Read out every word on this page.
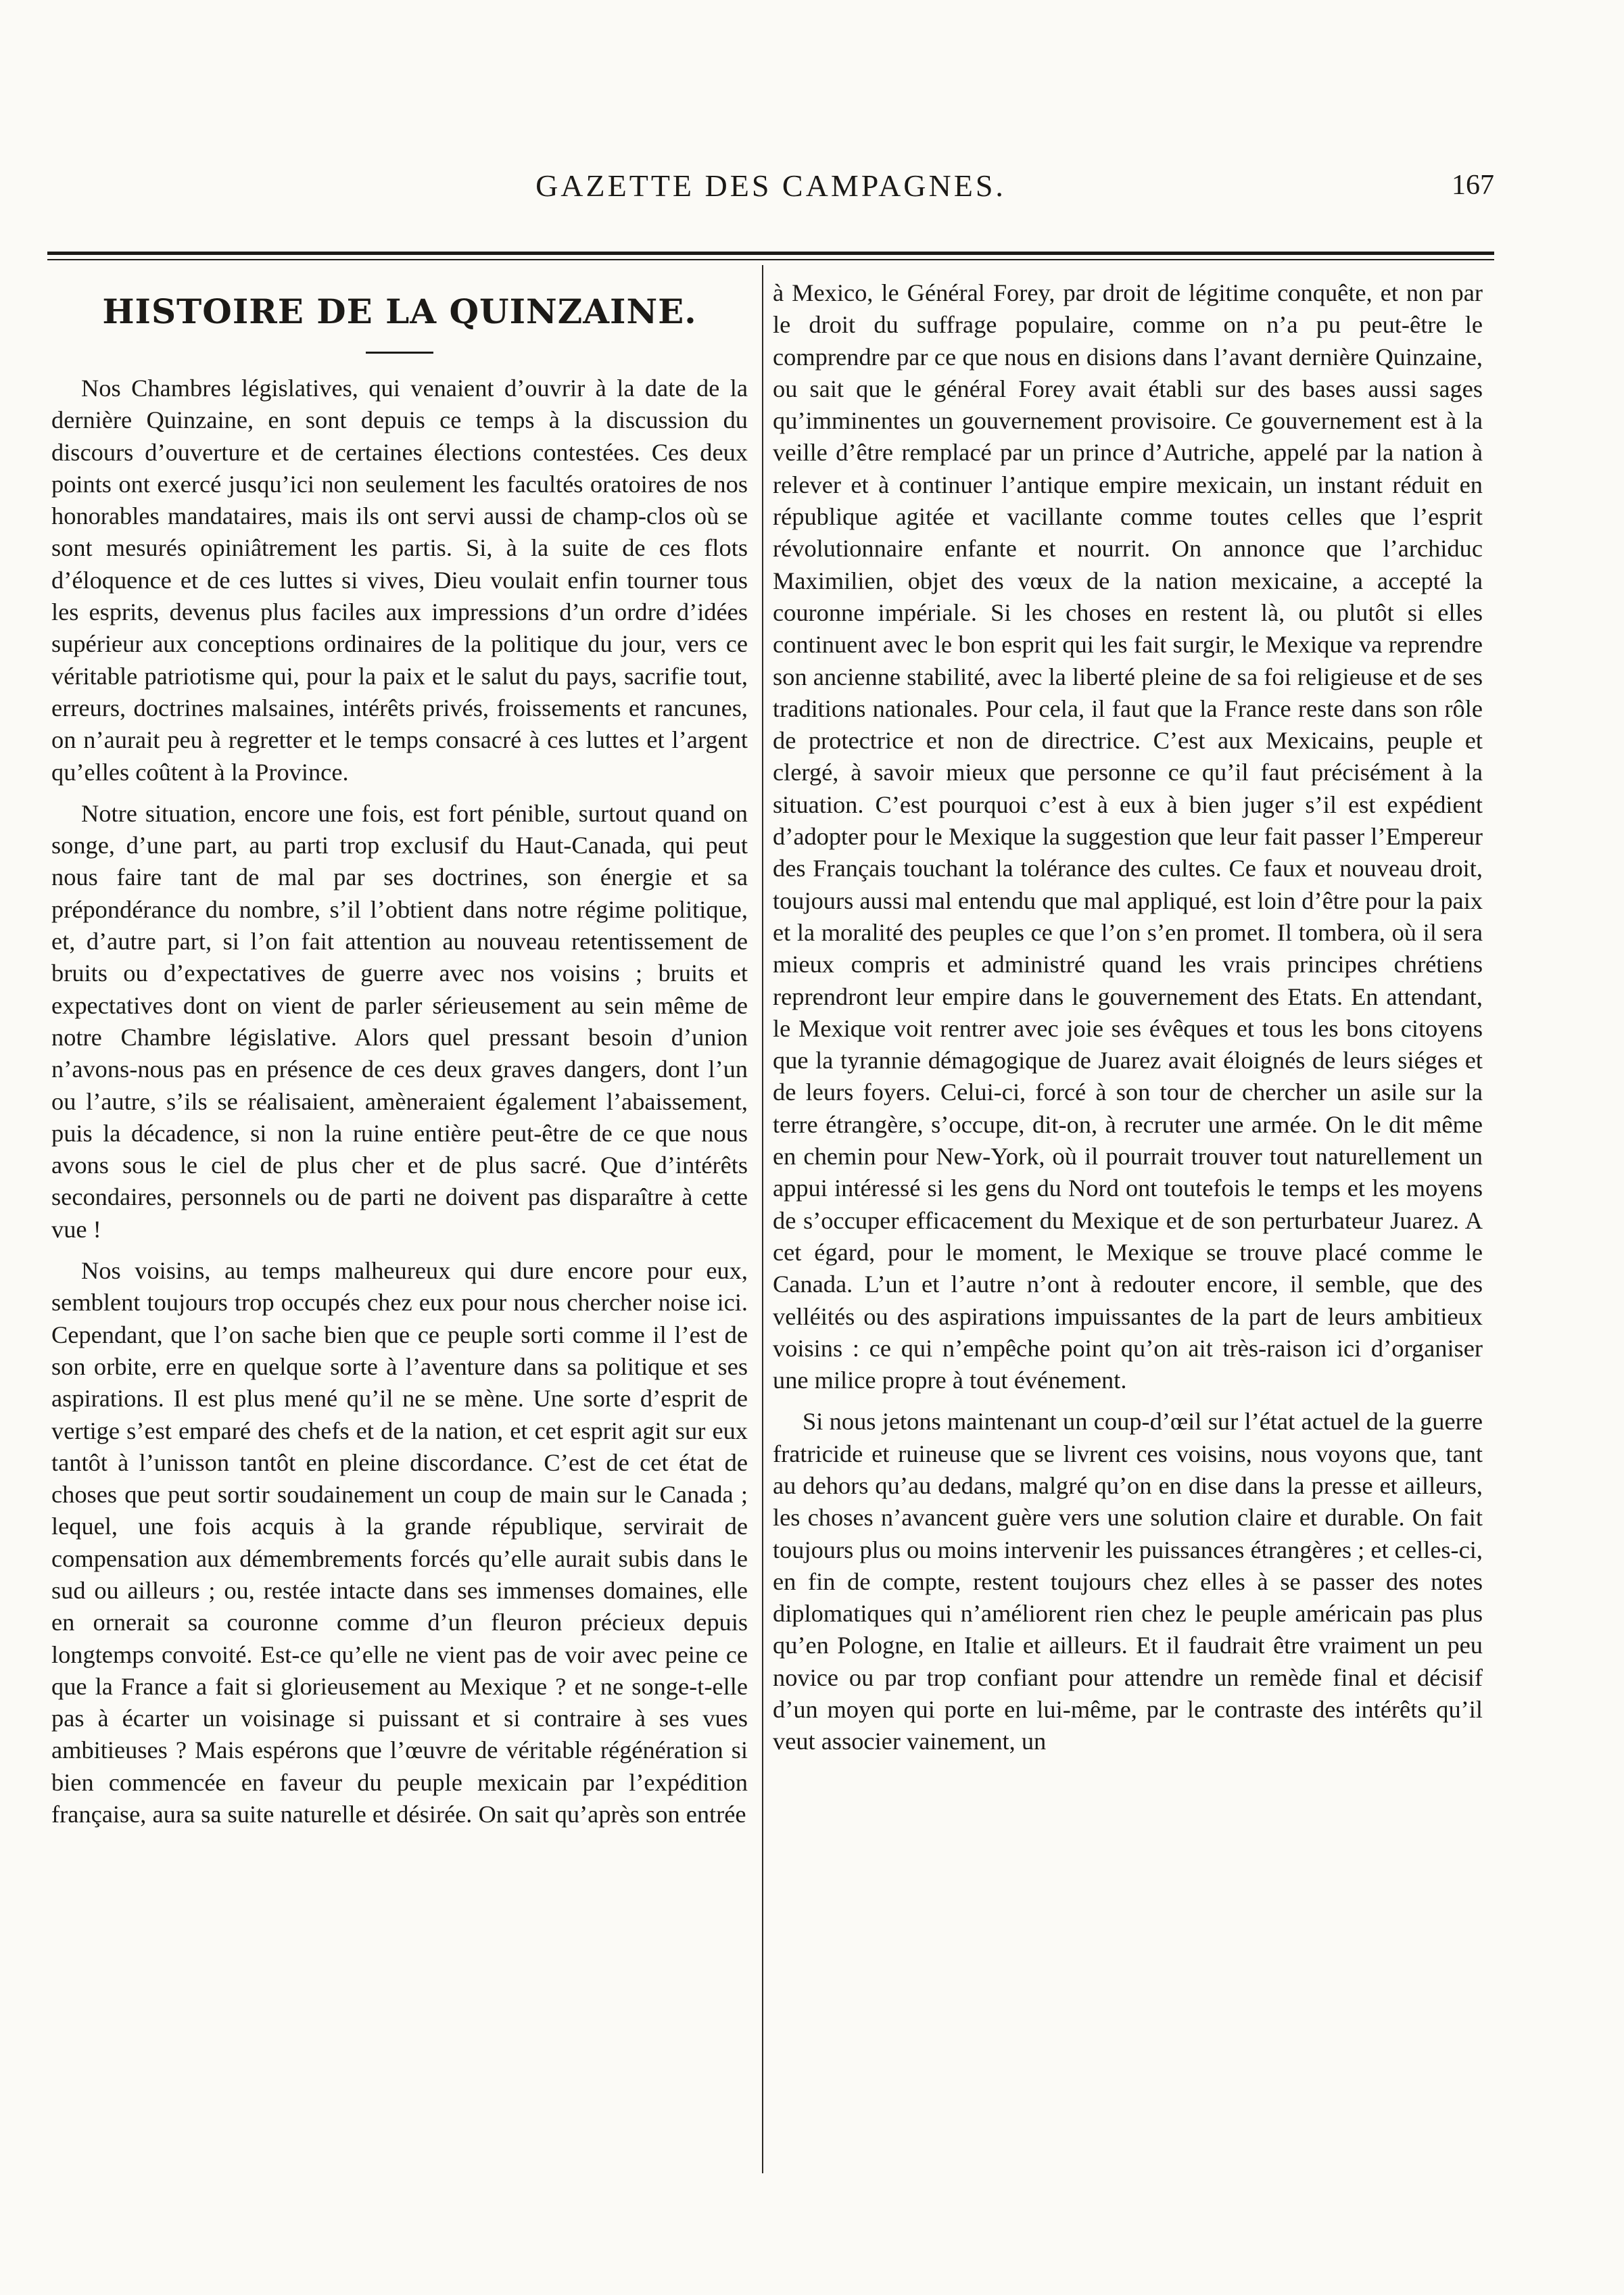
GAZETTE DES CAMPAGNES.	167
HISTOIRE DE LA QUINZAINE.

Nos Chambres législatives, qui venaient d’ouvrir à la date de la dernière Quinzaine, en sont depuis ce temps à la discussion du discours d’ouverture et de certaines élections contestées. Ces deux points ont exercé jusqu’ici non seulement les facultés oratoires de nos honorables mandataires, mais ils ont servi aussi de champ-clos où se sont mesurés opiniâtrement les partis. Si, à la suite de ces flots d’éloquence et de ces luttes si vives, Dieu voulait enfin tourner tous les esprits, devenus plus faciles aux impressions d’un ordre d’idées supérieur aux conceptions ordinaires de la politique du jour, vers ce véritable patriotisme qui, pour la paix et le salut du pays, sacrifie tout, erreurs, doctrines malsaines, intérêts privés, froissements et rancunes, on n’aurait peu à regretter et le temps consacré à ces luttes et l’argent qu’elles coûtent à la Province.

Notre situation, encore une fois, est fort pénible, surtout quand on songe, d’une part, au parti trop exclusif du Haut-Canada, qui peut nous faire tant de mal par ses doctrines, son énergie et sa prépondérance du nombre, s’il l’obtient dans notre régime politique, et, d’autre part, si l’on fait attention au nouveau retentissement de bruits ou d’expectatives de guerre avec nos voisins ; bruits et expectatives dont on vient de parler sérieusement au sein même de notre Chambre législative. Alors quel pressant besoin d’union n’avons-nous pas en présence de ces deux graves dangers, dont l’un ou l’autre, s’ils se réalisaient, amèneraient également l’abaissement, puis la décadence, si non la ruine entière peut-être de ce que nous avons sous le ciel de plus cher et de plus sacré. Que d’intérêts secondaires, personnels ou de parti ne doivent pas disparaître à cette vue !

Nos voisins, au temps malheureux qui dure encore pour eux, semblent toujours trop occupés chez eux pour nous chercher noise ici. Cependant, que l’on sache bien que ce peuple sorti comme il l’est de son orbite, erre en quelque sorte à l’aventure dans sa politique et ses aspirations. Il est plus mené qu’il ne se mène. Une sorte d’esprit de vertige s’est emparé des chefs et de la nation, et cet esprit agit sur eux tantôt à l’unisson tantôt en pleine discordance. C’est de cet état de choses que peut sortir soudainement un coup de main sur le Canada ; lequel, une fois acquis à la grande république, servirait de compensation aux démembrements forcés qu’elle aurait subis dans le sud ou ailleurs ; ou, restée intacte dans ses immenses domaines, elle en ornerait sa couronne comme d’un fleuron précieux depuis longtemps convoité. Est-ce qu’elle ne vient pas de voir avec peine ce que la France a fait si glorieusement au Mexique ? et ne songe-t-elle pas à écarter un voisinage si puissant et si contraire à ses vues ambitieuses ? Mais espérons que l’œuvre de véritable régénération si bien commencée en faveur du peuple mexicain par l’expédition française, aura sa suite naturelle et désirée. On sait qu’après son entrée

à Mexico, le Général Forey, par droit de légitime conquête, et non par le droit du suffrage populaire, comme on n’a pu peut-être le comprendre par ce que nous en disions dans l’avant dernière Quinzaine, ou sait que le général Forey avait établi sur des bases aussi sages qu’imminentes un gouvernement provisoire. Ce gouvernement est à la veille d’être remplacé par un prince d’Autriche, appelé par la nation à relever et à continuer l’antique empire mexicain, un instant réduit en république agitée et vacillante comme toutes celles que l’esprit révolutionnaire enfante et nourrit. On annonce que l’archiduc Maximilien, objet des vœux de la nation mexicaine, a accepté la couronne impériale. Si les choses en restent là, ou plutôt si elles continuent avec le bon esprit qui les fait surgir, le Mexique va reprendre son ancienne stabilité, avec la liberté pleine de sa foi religieuse et de ses traditions nationales. Pour cela, il faut que la France reste dans son rôle de protectrice et non de directrice. C’est aux Mexicains, peuple et clergé, à savoir mieux que personne ce qu’il faut précisément à la situation. C’est pourquoi c’est à eux à bien juger s’il est expédient d’adopter pour le Mexique la suggestion que leur fait passer l’Empereur des Français touchant la tolérance des cultes. Ce faux et nouveau droit, toujours aussi mal entendu que mal appliqué, est loin d’être pour la paix et la moralité des peuples ce que l’on s’en promet. Il tombera, où il sera mieux compris et administré quand les vrais principes chrétiens reprendront leur empire dans le gouvernement des Etats. En attendant, le Mexique voit rentrer avec joie ses évêques et tous les bons citoyens que la tyrannie démagogique de Juarez avait éloignés de leurs siéges et de leurs foyers. Celui-ci, forcé à son tour de chercher un asile sur la terre étrangère, s’occupe, dit-on, à recruter une armée. On le dit même en chemin pour New-York, où il pourrait trouver tout naturellement un appui intéressé si les gens du Nord ont toutefois le temps et les moyens de s’occuper efficacement du Mexique et de son perturbateur Juarez. A cet égard, pour le moment, le Mexique se trouve placé comme le Canada. L’un et l’autre n’ont à redouter encore, il semble, que des velléités ou des aspirations impuissantes de la part de leurs ambitieux voisins : ce qui n’empêche point qu’on ait très-raison ici d’organiser une milice propre à tout événement.

Si nous jetons maintenant un coup-d’œil sur l’état actuel de la guerre fratricide et ruineuse que se livrent ces voisins, nous voyons que, tant au dehors qu’au dedans, malgré qu’on en dise dans la presse et ailleurs, les choses n’avancent guère vers une solution claire et durable. On fait toujours plus ou moins intervenir les puissances étrangères ; et celles-ci, en fin de compte, restent toujours chez elles à se passer des notes diplomatiques qui n’améliorent rien chez le peuple américain pas plus qu’en Pologne, en Italie et ailleurs. Et il faudrait être vraiment un peu novice ou par trop confiant pour attendre un remède final et décisif d’un moyen qui porte en lui-même, par le contraste des intérêts qu’il veut associer vainement, un
